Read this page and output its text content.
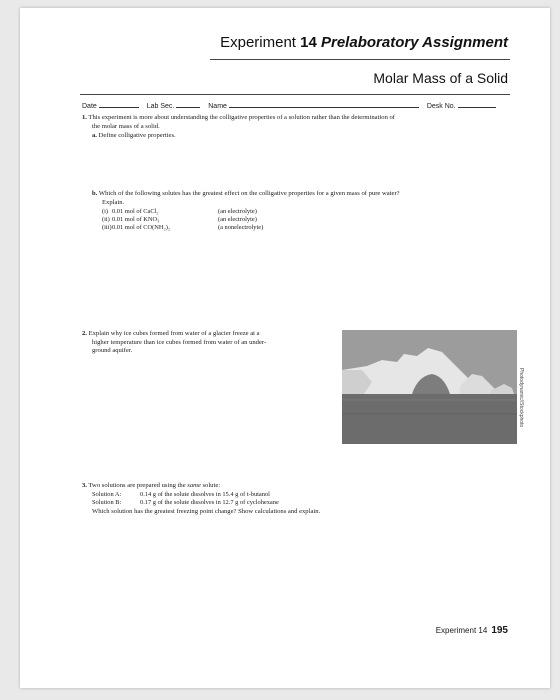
Experiment 14 Prelaboratory Assignment
Molar Mass of a Solid
Date	Lab Sec.	Name	Desk No.
1. This experiment is more about understanding the colligative properties of a solution rather than the determination of
the molar mass of a solid.
a. Define colligative properties.
b. Which of the following solutes has the greatest effect on the colligative properties for a given mass of pure water?
Explain.
(i) 0.01 mol of CaCl₂	(an electrolyte)
(ii) 0.01 mol of KNO₃	(an electrolyte)
(iii)0.01 mol of CO(NH₂)₂	(a nonelectrolyte)
2. Explain why ice cubes formed from water of a glacier freeze at a
higher temperature than ice cubes formed from water of an under-
ground aquifer.
Photodynamic/iStockphoto
3. Two solutions are prepared using the same solute:
Solution A:	0.14 g of the solute dissolves in 15.4 g of t-butanol
Solution B:	0.17 g of the solute dissolves in 12.7 g of cyclohexane
Which solution has the greatest freezing point change? Show calculations and explain.
Experiment 14 195
